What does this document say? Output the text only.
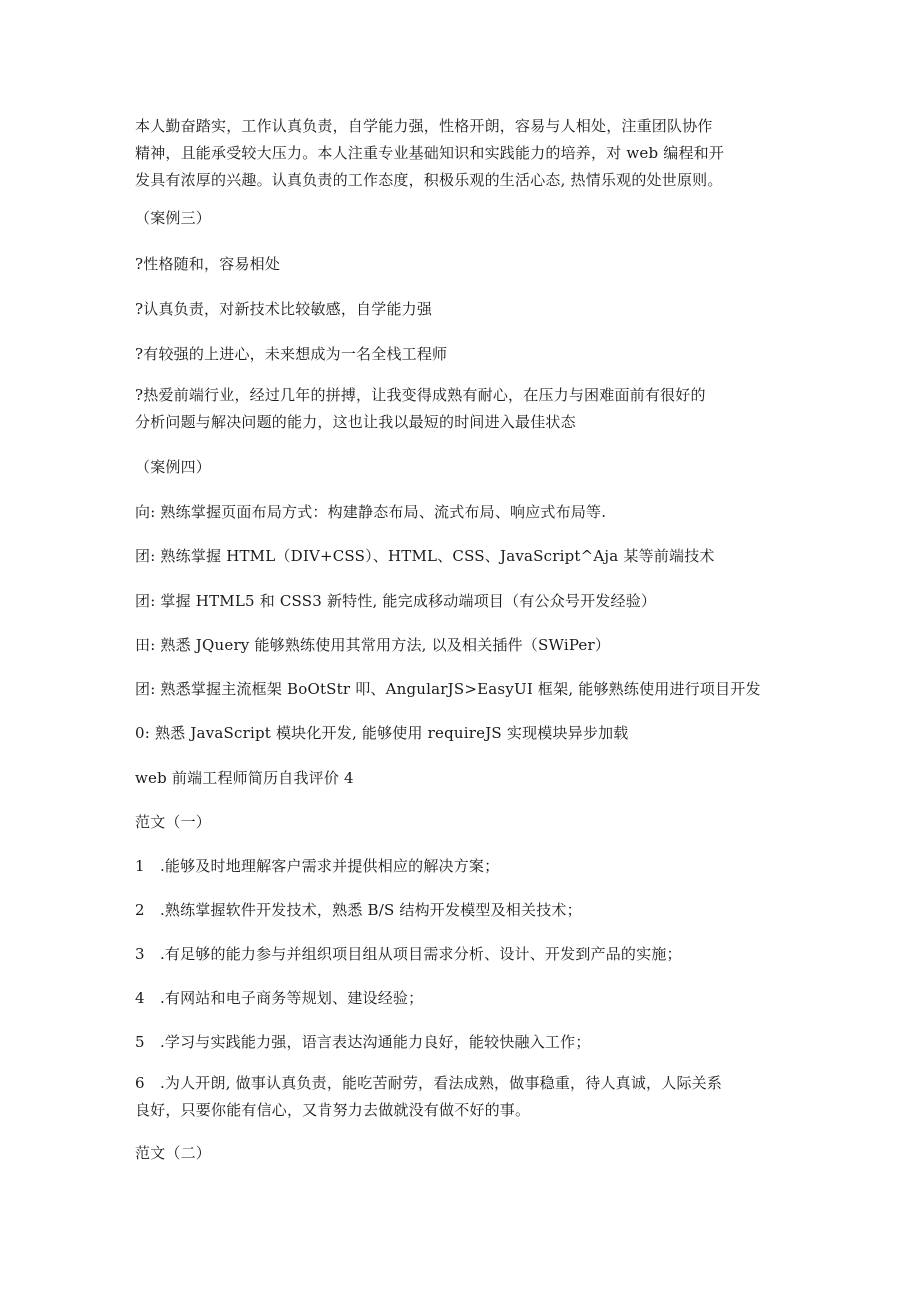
本人勤奋踏实，工作认真负责，自学能力强，性格开朗，容易与人相处，注重团队协作
精神，且能承受较大压力。本人注重专业基础知识和实践能力的培养，对 web 编程和开
发具有浓厚的兴趣。认真负责的工作态度，积极乐观的生活心态, 热情乐观的处世原则。
（案例三）
?性格随和，容易相处
?认真负责，对新技术比较敏感，自学能力强
?有较强的上进心，未来想成为一名全栈工程师
?热爱前端行业，经过几年的拼搏，让我变得成熟有耐心，在压力与困难面前有很好的
分析问题与解决问题的能力，这也让我以最短的时间进入最佳状态
（案例四）
向: 熟练掌握页面布局方式：构建静态布局、流式布局、响应式布局等.
团: 熟练掌握 HTML（DIV+CSS）、HTML、CSS、JavaScript^Aja 某等前端技术
团: 掌握 HTML5 和 CSS3 新特性, 能完成移动端项目（有公众号开发经验）
田: 熟悉 JQuery 能够熟练使用其常用方法, 以及相关插件（SWiPer）
团: 熟悉掌握主流框架 BoOtStr 叩、AngularJS>EasyUI 框架, 能够熟练使用进行项目开发
0: 熟悉 JavaScript 模块化开发, 能够使用 requireJS 实现模块异步加载
web 前端工程师简历自我评价 4
范文（一）
1　.能够及时地理解客户需求并提供相应的解决方案；
2　.熟练掌握软件开发技术，熟悉 B/S 结构开发模型及相关技术；
3　.有足够的能力参与并组织项目组从项目需求分析、设计、开发到产品的实施；
4　.有网站和电子商务等规划、建设经验；
5　.学习与实践能力强，语言表达沟通能力良好，能较快融入工作；
6　.为人开朗, 做事认真负责，能吃苦耐劳，看法成熟，做事稳重，待人真诚，人际关系
良好，只要你能有信心，又肯努力去做就没有做不好的事。
范文（二）
